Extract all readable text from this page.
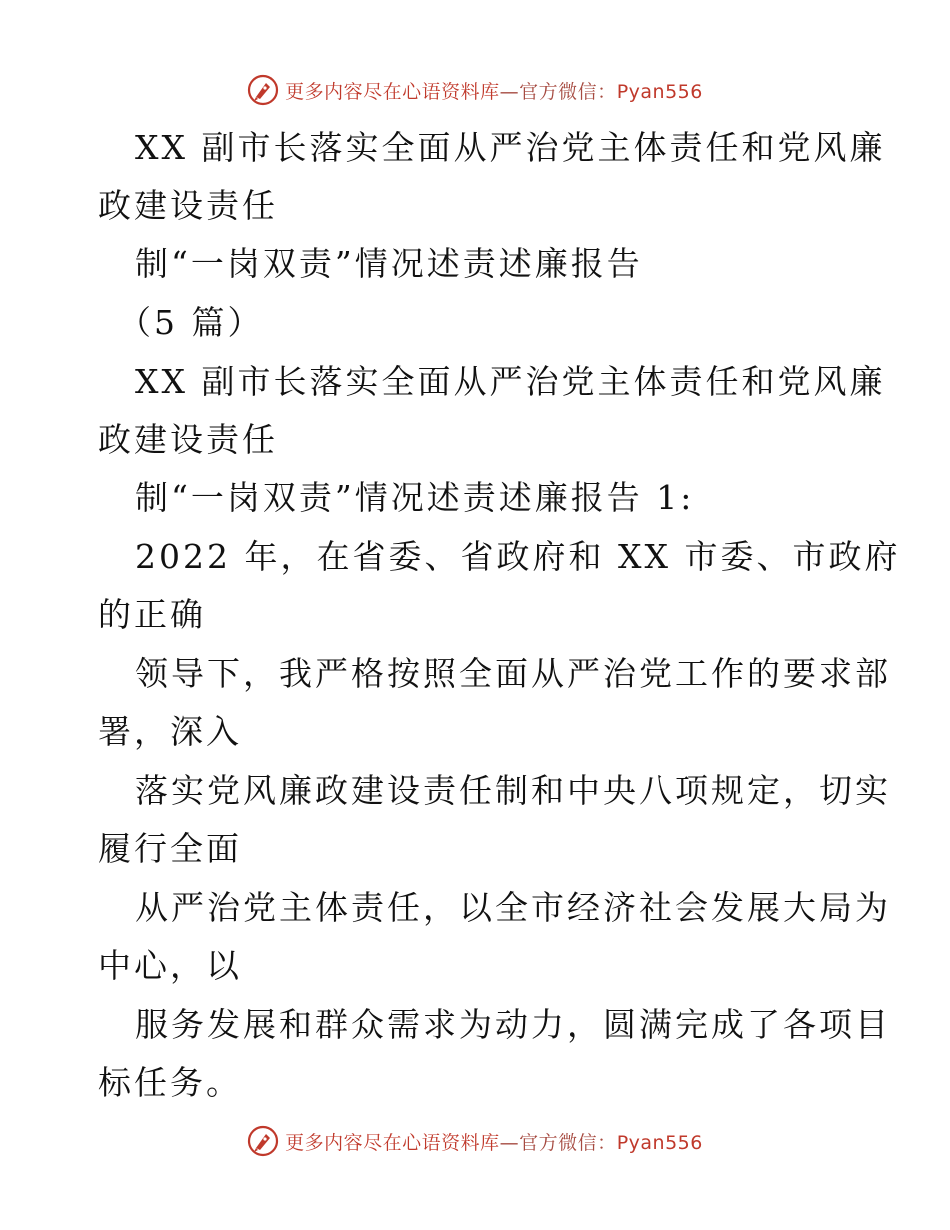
更多内容尽在心语资料库—官方微信：Pyan556
XX 副市长落实全面从严治党主体责任和党风廉
政建设责任
制“一岗双责”情况述责述廉报告
（5 篇）
XX 副市长落实全面从严治党主体责任和党风廉
政建设责任
制“一岗双责”情况述责述廉报告 1:
2022 年，在省委、省政府和 XX 市委、市政府
的正确
领导下，我严格按照全面从严治党工作的要求部
署，深入
落实党风廉政建设责任制和中央八项规定，切实
履行全面
从严治党主体责任，以全市经济社会发展大局为
中心，以
服务发展和群众需求为动力，圆满完成了各项目
标任务。
更多内容尽在心语资料库—官方微信：Pyan556
